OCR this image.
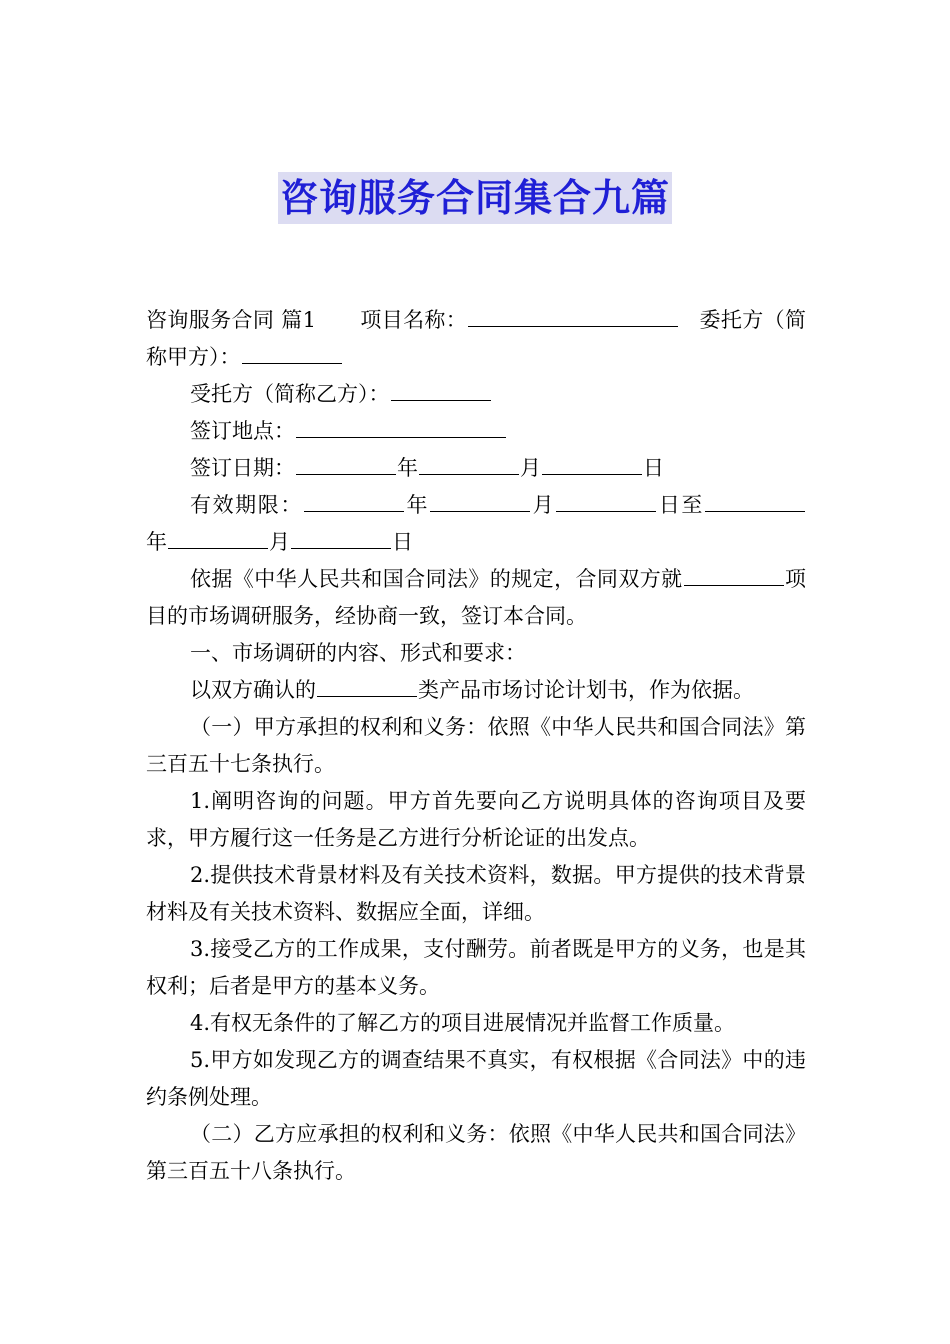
咨询服务合同集合九篇

咨询服务合同 篇1 项目名称：	委托方（简称甲方）：

受托方（简称乙方）：

签订地点：

签订日期：	年	月	日

有效期限：	年	月	日至年	月	日

依据《中华人民共和国合同法》的规定，合同双方就	项目的市场调研服务，经协商一致，签订本合同。

一、市场调研的内容、形式和要求：

以双方确认的	类产品市场讨论计划书，作为依据。

（一）甲方承担的权利和义务：依照《中华人民共和国合同法》第三百五十七条执行。

1.阐明咨询的问题。甲方首先要向乙方说明具体的咨询项目及要求，甲方履行这一任务是乙方进行分析论证的出发点。

2.提供技术背景材料及有关技术资料，数据。甲方提供的技术背景材料及有关技术资料、数据应全面，详细。

3.接受乙方的工作成果，支付酬劳。前者既是甲方的义务，也是其权利；后者是甲方的基本义务。

4.有权无条件的了解乙方的项目进展情况并监督工作质量。

5.甲方如发现乙方的调查结果不真实，有权根据《合同法》中的违约条例处理。

（二）乙方应承担的权利和义务：依照《中华人民共和国合同法》第三百五十八条执行。
